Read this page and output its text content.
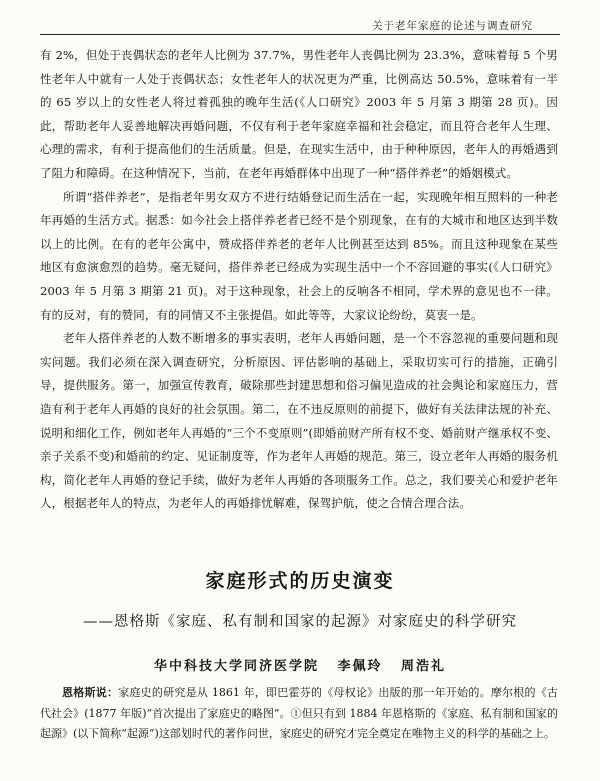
关于老年家庭的论述与调查研究

有 2%，但处于丧偶状态的老年人比例为 37.7%，男性老年人丧偶比例为 23.3%，意味着每 5 个男性老年人中就有一人处于丧偶状态；女性老年人的状况更为严重，比例高达 50.5%，意味着有一半的 65 岁以上的女性老人将过着孤独的晚年生活(《人口研究》2003 年 5 月第 3 期第 28 页)。因此，帮助老年人妥善地解决再婚问题，不仅有利于老年家庭幸福和社会稳定，而且符合老年人生理、心理的需求，有利于提高他们的生活质量。但是，在现实生活中，由于种种原因，老年人的再婚遇到了阻力和障碍。在这种情况下，当前，在老年再婚群体中出现了一种“搭伴养老”的婚姻模式。

所谓“搭伴养老”，是指老年男女双方不进行结婚登记而生活在一起，实现晚年相互照料的一种老年再婚的生活方式。据悉：如今社会上搭伴养老者已经不是个别现象，在有的大城市和地区达到半数以上的比例。在有的老年公寓中，赞成搭伴养老的老年人比例甚至达到 85%。而且这种现象在某些地区有愈演愈烈的趋势。毫无疑问，搭伴养老已经成为实现生活中一个不容回避的事实(《人口研究》2003 年 5 月第 3 期第 21 页)。对于这种现象，社会上的反响各不相同，学术界的意见也不一律。有的反对，有的赞同，有的同情又不主张提倡。如此等等，大家议论纷纷，莫衷一是。

老年人搭伴养老的人数不断增多的事实表明，老年人再婚问题，是一个不容忽视的重要问题和现实问题。我们必须在深入调查研究，分析原因、评估影响的基础上，采取切实可行的措施，正确引导，提供服务。第一，加强宣传教育，破除那些封建思想和俗习偏见造成的社会舆论和家庭压力，营造有利于老年人再婚的良好的社会氛围。第二，在不违反原则的前提下，做好有关法律法规的补充、说明和细化工作，例如老年人再婚的“三个不变原则”(即婚前财产所有权不变、婚前财产继承权不变、亲子关系不变)和婚前的约定、见证制度等，作为老年人再婚的规范。第三，设立老年人再婚的服务机构，简化老年人再婚的登记手续，做好为老年人再婚的各项服务工作。总之，我们要关心和爱护老年人，根据老年人的特点，为老年人的再婚排忧解难，保驾护航，使之合情合理合法。

家庭形式的历史演变
——恩格斯《家庭、私有制和国家的起源》对家庭史的科学研究
华中科技大学同济医学院 李佩玲 周浩礼

恩格斯说：家庭史的研究是从 1861 年，即巴霍芬的《母权论》出版的那一年开始的。摩尔根的《古代社会》(1877 年版)“首次提出了家庭史的略图”。①但只有到 1884 年恩格斯的《家庭、私有制和国家的起源》(以下简称“起源”)这部划时代的著作问世，家庭史的研究才完全奠定在唯物主义的科学的基础之上。
